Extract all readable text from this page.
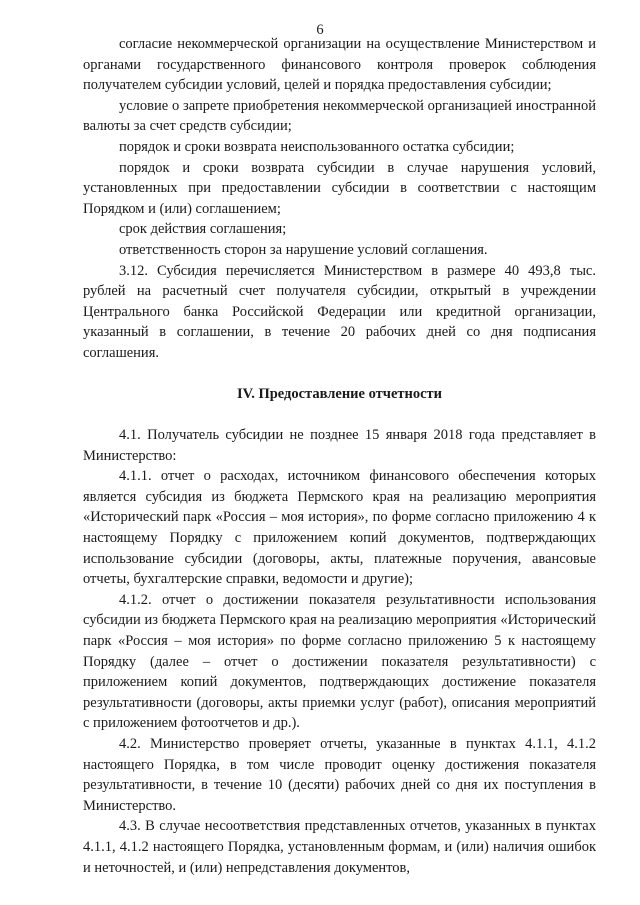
6

согласие некоммерческой организации на осуществление Министерством и органами государственного финансового контроля проверок соблюдения получателем субсидии условий, целей и порядка предоставления субсидии;

условие о запрете приобретения некоммерческой организацией иностранной валюты за счет средств субсидии;

порядок и сроки возврата неиспользованного остатка субсидии;

порядок и сроки возврата субсидии в случае нарушения условий, установленных при предоставлении субсидии в соответствии с настоящим Порядком и (или) соглашением;

срок действия соглашения;

ответственность сторон за нарушение условий соглашения.

3.12. Субсидия перечисляется Министерством в размере 40 493,8 тыс. рублей на расчетный счет получателя субсидии, открытый в учреждении Центрального банка Российской Федерации или кредитной организации, указанный в соглашении, в течение 20 рабочих дней со дня подписания соглашения.

IV. Предоставление отчетности

4.1. Получатель субсидии не позднее 15 января 2018 года представляет в Министерство:

4.1.1. отчет о расходах, источником финансового обеспечения которых является субсидия из бюджета Пермского края на реализацию мероприятия «Исторический парк «Россия – моя история», по форме согласно приложению 4 к настоящему Порядку с приложением копий документов, подтверждающих использование субсидии (договоры, акты, платежные поручения, авансовые отчеты, бухгалтерские справки, ведомости и другие);

4.1.2. отчет о достижении показателя результативности использования субсидии из бюджета Пермского края на реализацию мероприятия «Исторический парк «Россия – моя история» по форме согласно приложению 5 к настоящему Порядку (далее – отчет о достижении показателя результативности) с приложением копий документов, подтверждающих достижение показателя результативности (договоры, акты приемки услуг (работ), описания мероприятий с приложением фотоотчетов и др.).

4.2. Министерство проверяет отчеты, указанные в пунктах 4.1.1, 4.1.2 настоящего Порядка, в том числе проводит оценку достижения показателя результативности, в течение 10 (десяти) рабочих дней со дня их поступления в Министерство.

4.3. В случае несоответствия представленных отчетов, указанных в пунктах 4.1.1, 4.1.2 настоящего Порядка, установленным формам, и (или) наличия ошибок и неточностей, и (или) непредставления документов,
